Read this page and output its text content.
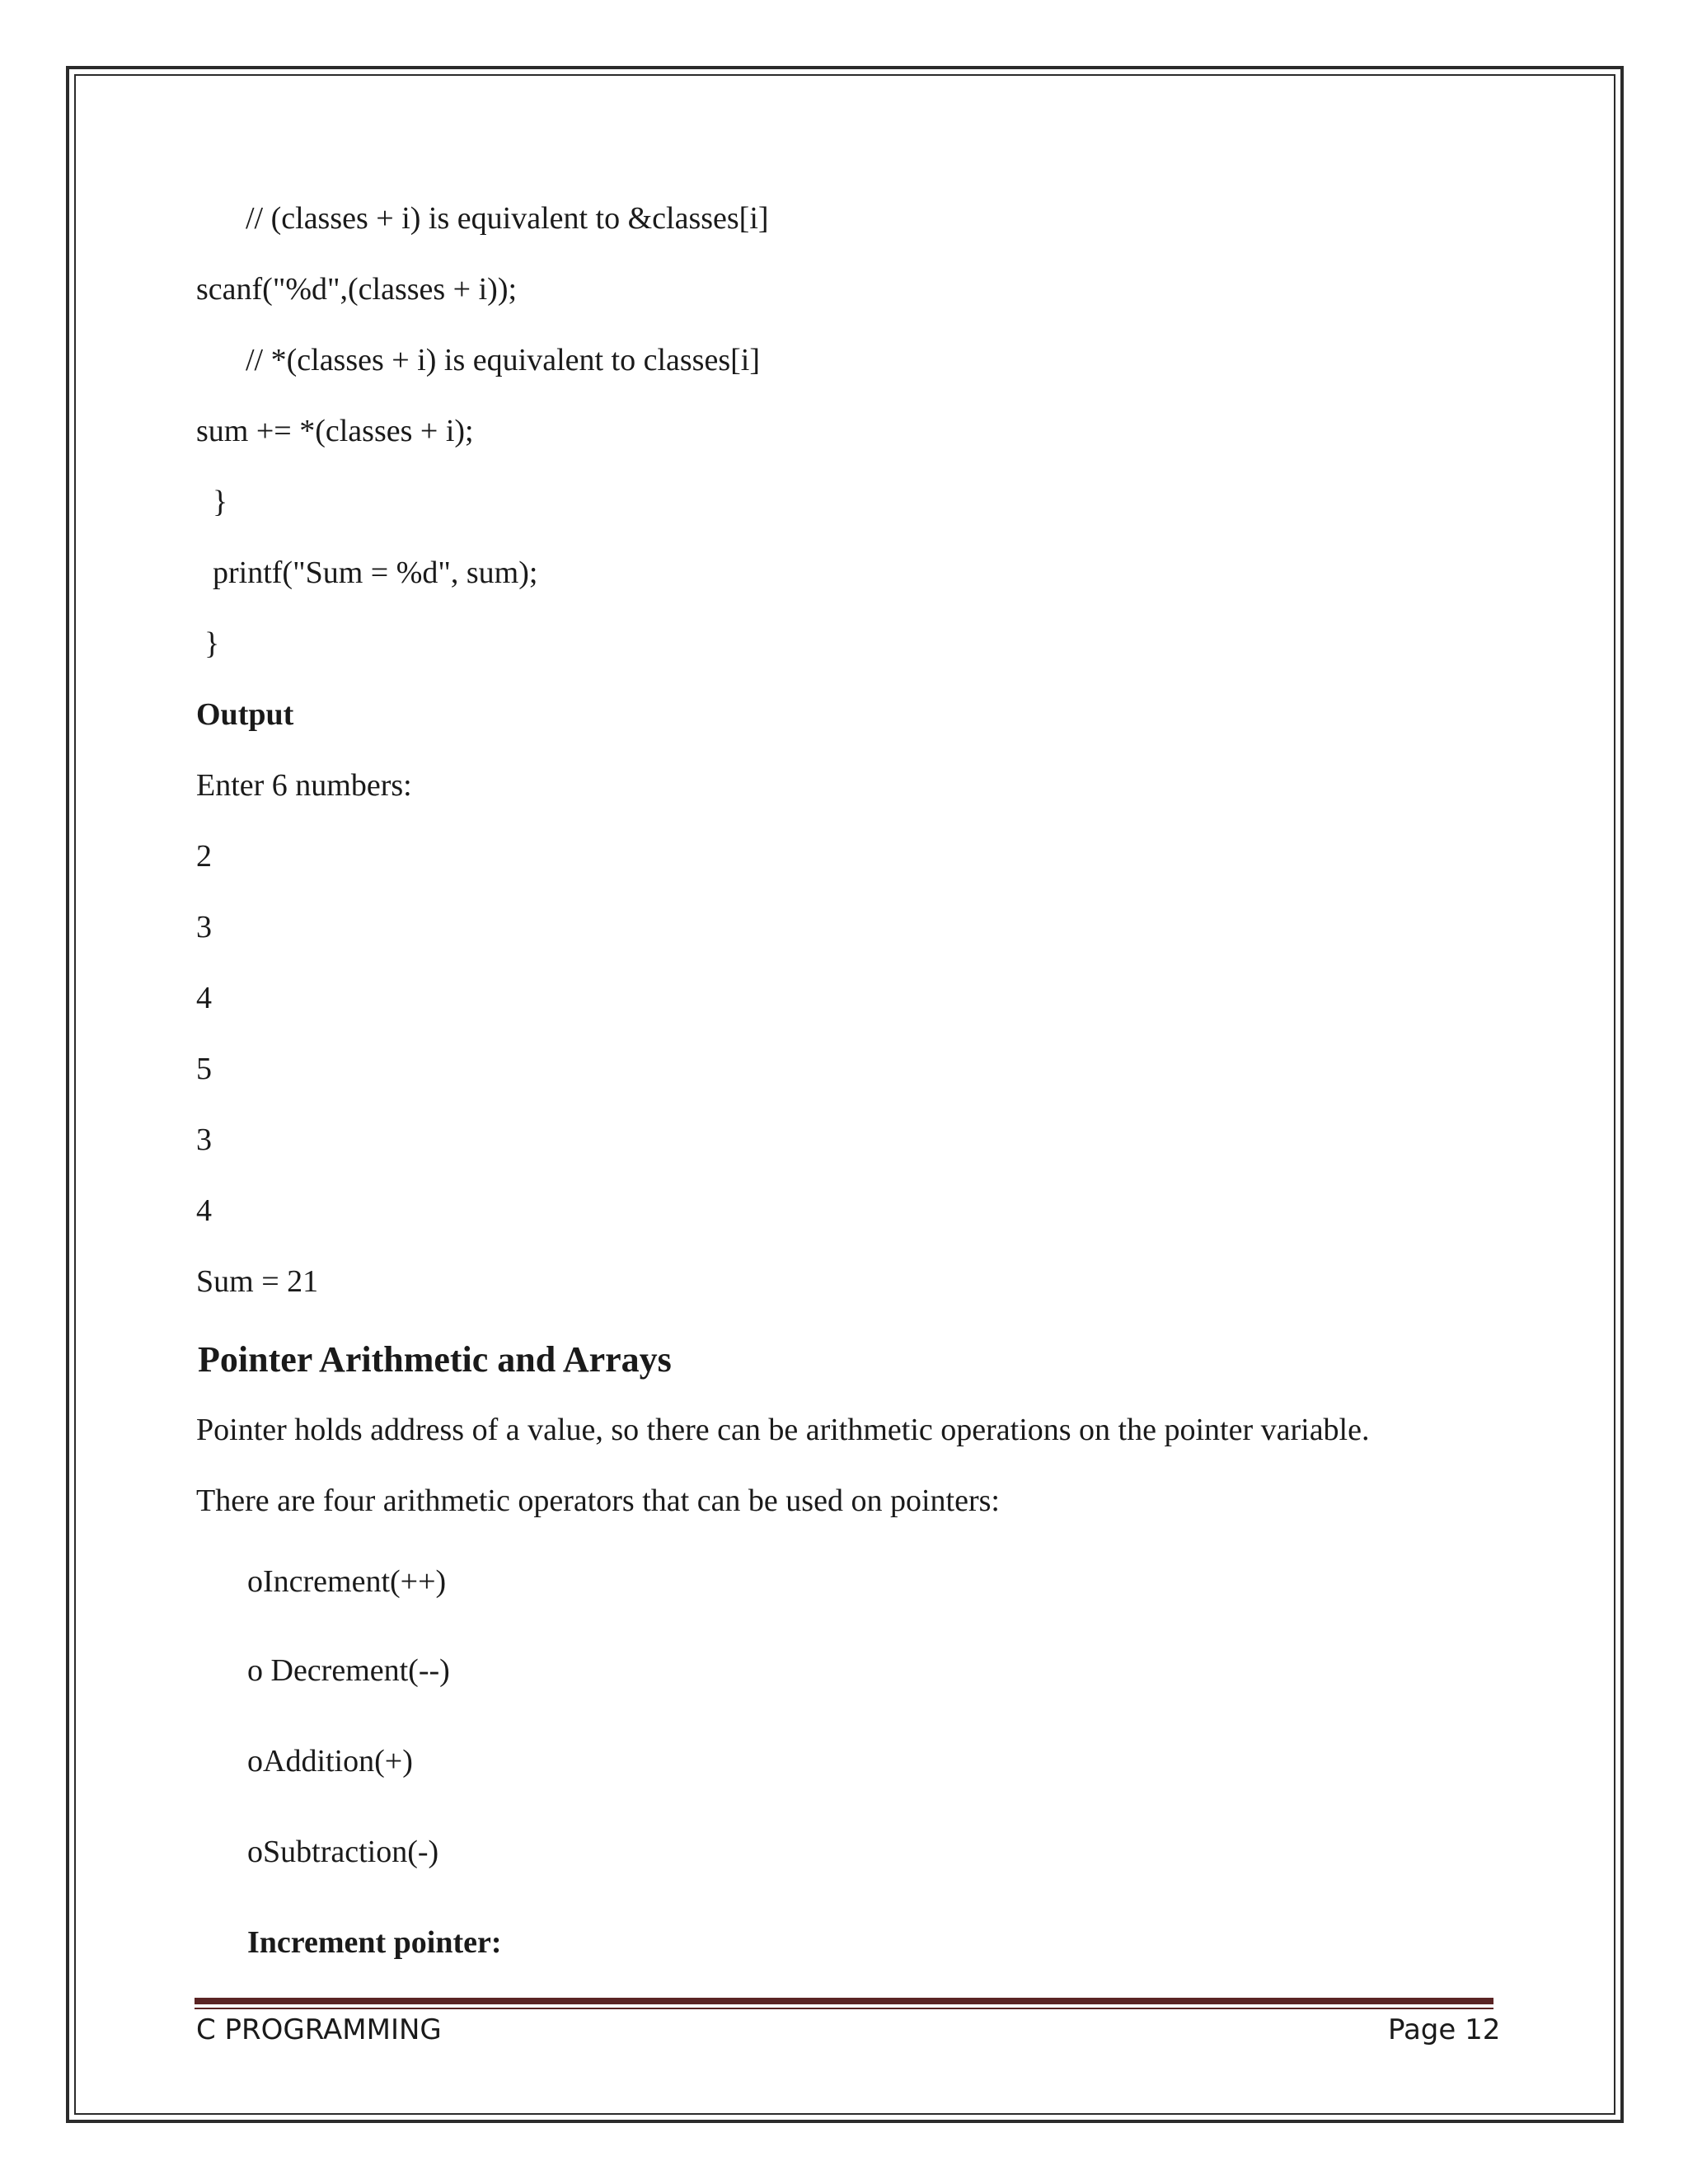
// (classes + i) is equivalent to &classes[i]
scanf("%d",(classes + i));
// *(classes + i) is equivalent to classes[i]
sum += *(classes + i);
}
printf("Sum = %d", sum);
}
Output
Enter 6 numbers:
2
3
4
5
3
4
Sum = 21
Pointer Arithmetic and Arrays
Pointer holds address of a value, so there can be arithmetic operations on the pointer variable.
There are four arithmetic operators that can be used on pointers:
oIncrement(++)
o Decrement(--)
oAddition(+)
oSubtraction(-)
Increment pointer:
C PROGRAMMING	Page 12
